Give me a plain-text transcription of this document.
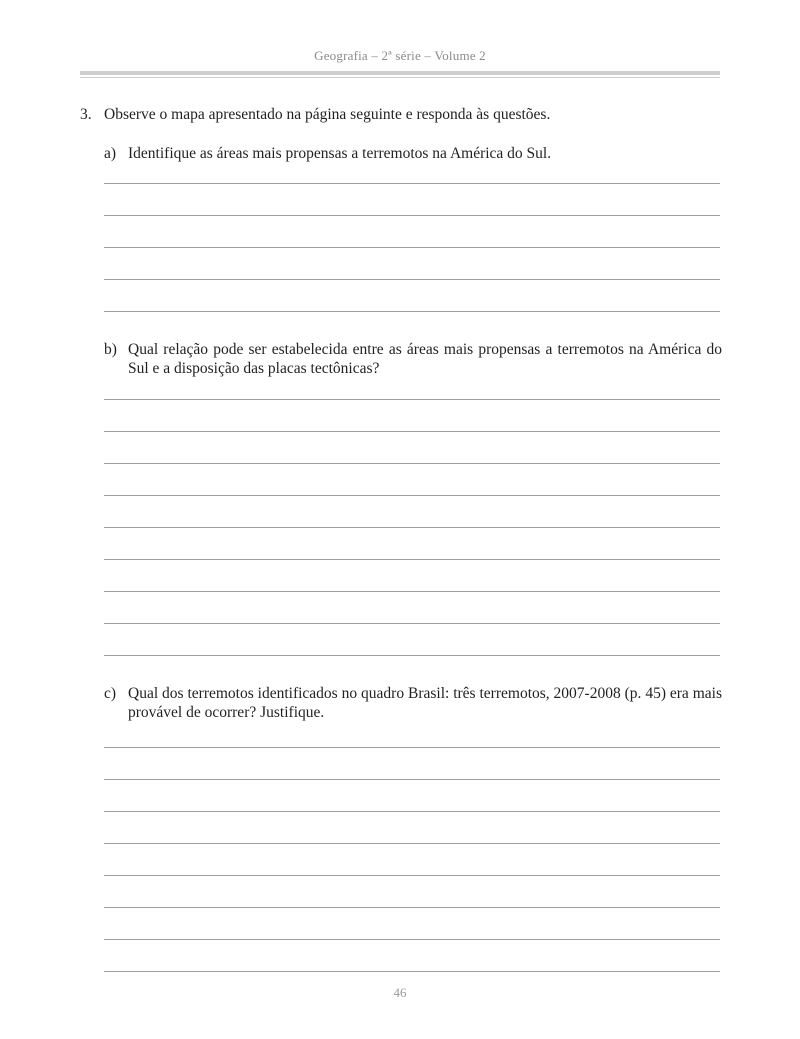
Geografia – 2ª série – Volume 2
3. Observe o mapa apresentado na página seguinte e responda às questões.
a) Identifique as áreas mais propensas a terremotos na América do Sul.
b) Qual relação pode ser estabelecida entre as áreas mais propensas a terremotos na América do Sul e a disposição das placas tectônicas?
c) Qual dos terremotos identificados no quadro Brasil: três terremotos, 2007-2008 (p. 45) era mais provável de ocorrer? Justifique.
46
